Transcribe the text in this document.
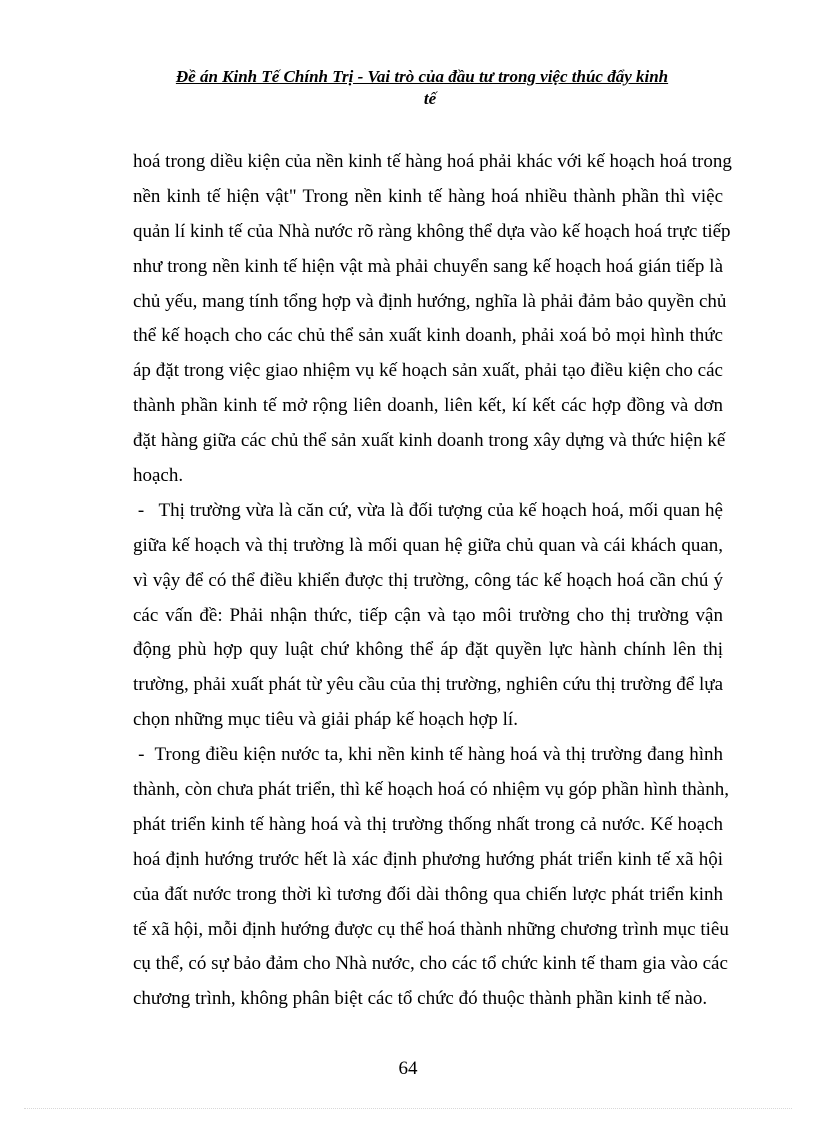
Đề án Kinh Tế Chính Trị - Vai trò của đầu tư trong việc thúc đẩy kinh
tế
hoá trong diều kiện của nền kinh tế hàng hoá phải khác với kế hoạch hoá trong
nền kinh tế hiện vật" Trong nền kinh tế hàng hoá nhiều thành phần thì việc
quản lí kinh tế của Nhà nước rõ ràng không thể dựa vào kế hoạch hoá trực tiếp
như trong nền kinh tế hiện vật mà phải chuyển sang kế hoạch hoá gián tiếp là
chủ yếu, mang tính tổng hợp và định hướng, nghĩa là phải đảm bảo quyền chủ
thể kế hoạch cho các chủ thể sản xuất kinh doanh, phải xoá bỏ mọi hình thức
áp đặt trong việc giao nhiệm vụ kế hoạch sản xuất, phải tạo điều kiện cho các
thành phần kinh tế mở rộng liên doanh, liên kết, kí kết các hợp đồng và dơn
đặt hàng giữa các chủ thể sản xuất kinh doanh trong xây dựng và thức hiện kế
hoạch.
-   Thị trường vừa là căn cứ, vừa là đối tượng của kế hoạch hoá, mối quan hệ
giữa kế hoạch và thị trường là mối quan hệ giữa chủ quan và cái khách quan,
vì vậy để có thể điều khiển được thị trường, công tác kế hoạch hoá cần chú ý
các vấn đề: Phải nhận thức, tiếp cận và tạo môi trường cho thị trường vận
động phù hợp quy luật chứ không thể áp đặt quyền lực hành chính lên thị
trường, phải xuất phát từ yêu cầu của thị trường, nghiên cứu thị trường để lựa
chọn những mục tiêu và giải pháp kế hoạch hợp lí.
-  Trong điều kiện nước ta, khi nền kinh tế hàng hoá và thị trường đang hình
thành, còn chưa phát triển, thì kế hoạch hoá có nhiệm vụ góp phần hình thành,
phát triển kinh tế hàng hoá và thị trường thống nhất trong cả nước. Kế hoạch
hoá định hướng trước hết là xác định phương hướng phát triển kinh tế xã hội
của đất nước trong thời kì tương đối dài thông qua chiến lược phát triển kinh
tế xã hội, mỗi định hướng được cụ thể hoá thành những chương trình mục tiêu
cụ thể, có sự bảo đảm cho Nhà nước, cho các tổ chức kinh tế tham gia vào các
chương trình, không phân biệt các tổ chức đó thuộc thành phần kinh tế nào.
64
